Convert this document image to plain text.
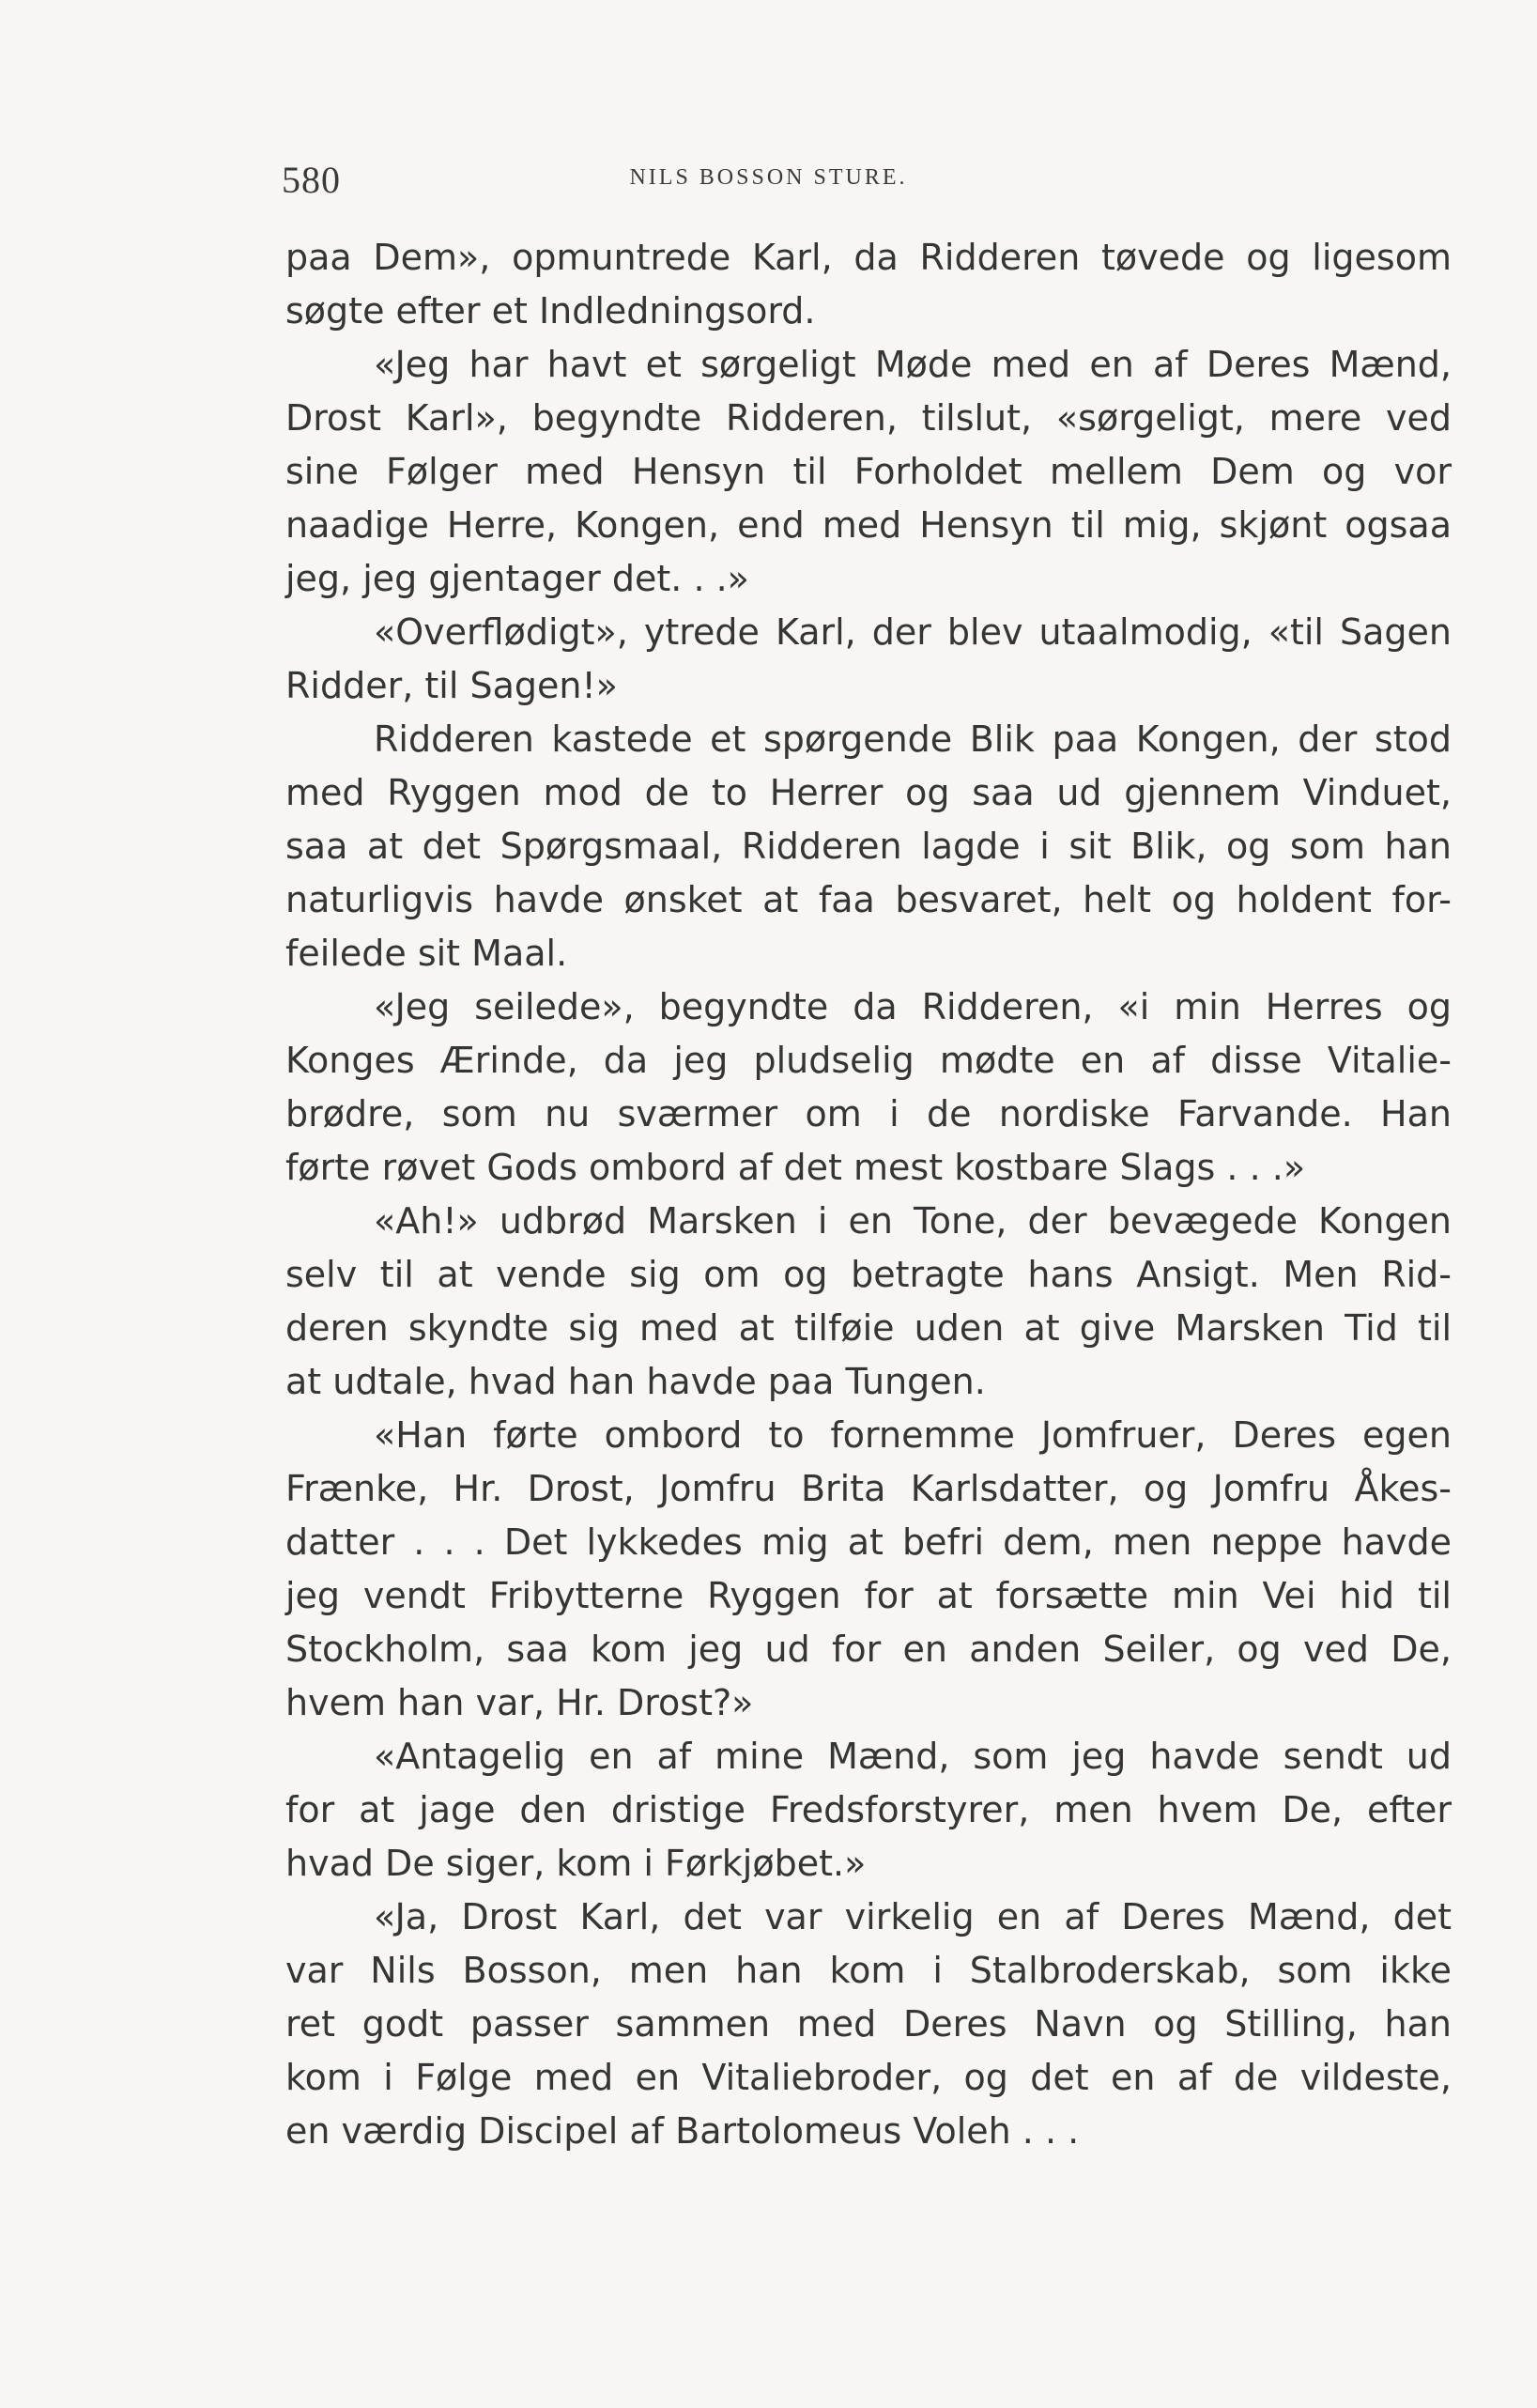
580	NILS BOSSON STURE.
paa Dem», opmuntrede Karl, da Ridderen tøvede og ligesom
søgte efter et Indledningsord.
«Jeg har havt et sørgeligt Møde med en af Deres Mænd,
Drost Karl», begyndte Ridderen, tilslut, «sørgeligt, mere ved
sine Følger med Hensyn til Forholdet mellem Dem og vor
naadige Herre, Kongen, end med Hensyn til mig, skjønt ogsaa
jeg, jeg gjentager det. . .»
«Overflødigt», ytrede Karl, der blev utaalmodig, «til Sagen
Ridder, til Sagen!»
Ridderen kastede et spørgende Blik paa Kongen, der stod
med Ryggen mod de to Herrer og saa ud gjennem Vinduet,
saa at det Spørgsmaal, Ridderen lagde i sit Blik, og som han
naturligvis havde ønsket at faa besvaret, helt og holdent for-
feilede sit Maal.
«Jeg seilede», begyndte da Ridderen, «i min Herres og
Konges Ærinde, da jeg pludselig mødte en af disse Vitalie-
brødre, som nu sværmer om i de nordiske Farvande. Han
førte røvet Gods ombord af det mest kostbare Slags . . .»
«Ah!» udbrød Marsken i en Tone, der bevægede Kongen
selv til at vende sig om og betragte hans Ansigt. Men Rid-
deren skyndte sig med at tilføie uden at give Marsken Tid til
at udtale, hvad han havde paa Tungen.
«Han førte ombord to fornemme Jomfruer, Deres egen
Frænke, Hr. Drost, Jomfru Brita Karlsdatter, og Jomfru Åkes-
datter . . . Det lykkedes mig at befri dem, men neppe havde
jeg vendt Fribytterne Ryggen for at forsætte min Vei hid til
Stockholm, saa kom jeg ud for en anden Seiler, og ved De,
hvem han var, Hr. Drost?»
«Antagelig en af mine Mænd, som jeg havde sendt ud
for at jage den dristige Fredsforstyrer, men hvem De, efter
hvad De siger, kom i Førkjøbet.»
«Ja, Drost Karl, det var virkelig en af Deres Mænd, det
var Nils Bosson, men han kom i Stalbroderskab, som ikke
ret godt passer sammen med Deres Navn og Stilling, han
kom i Følge med en Vitaliebroder, og det en af de vildeste,
en værdig Discipel af Bartolomeus Voleh . . .
